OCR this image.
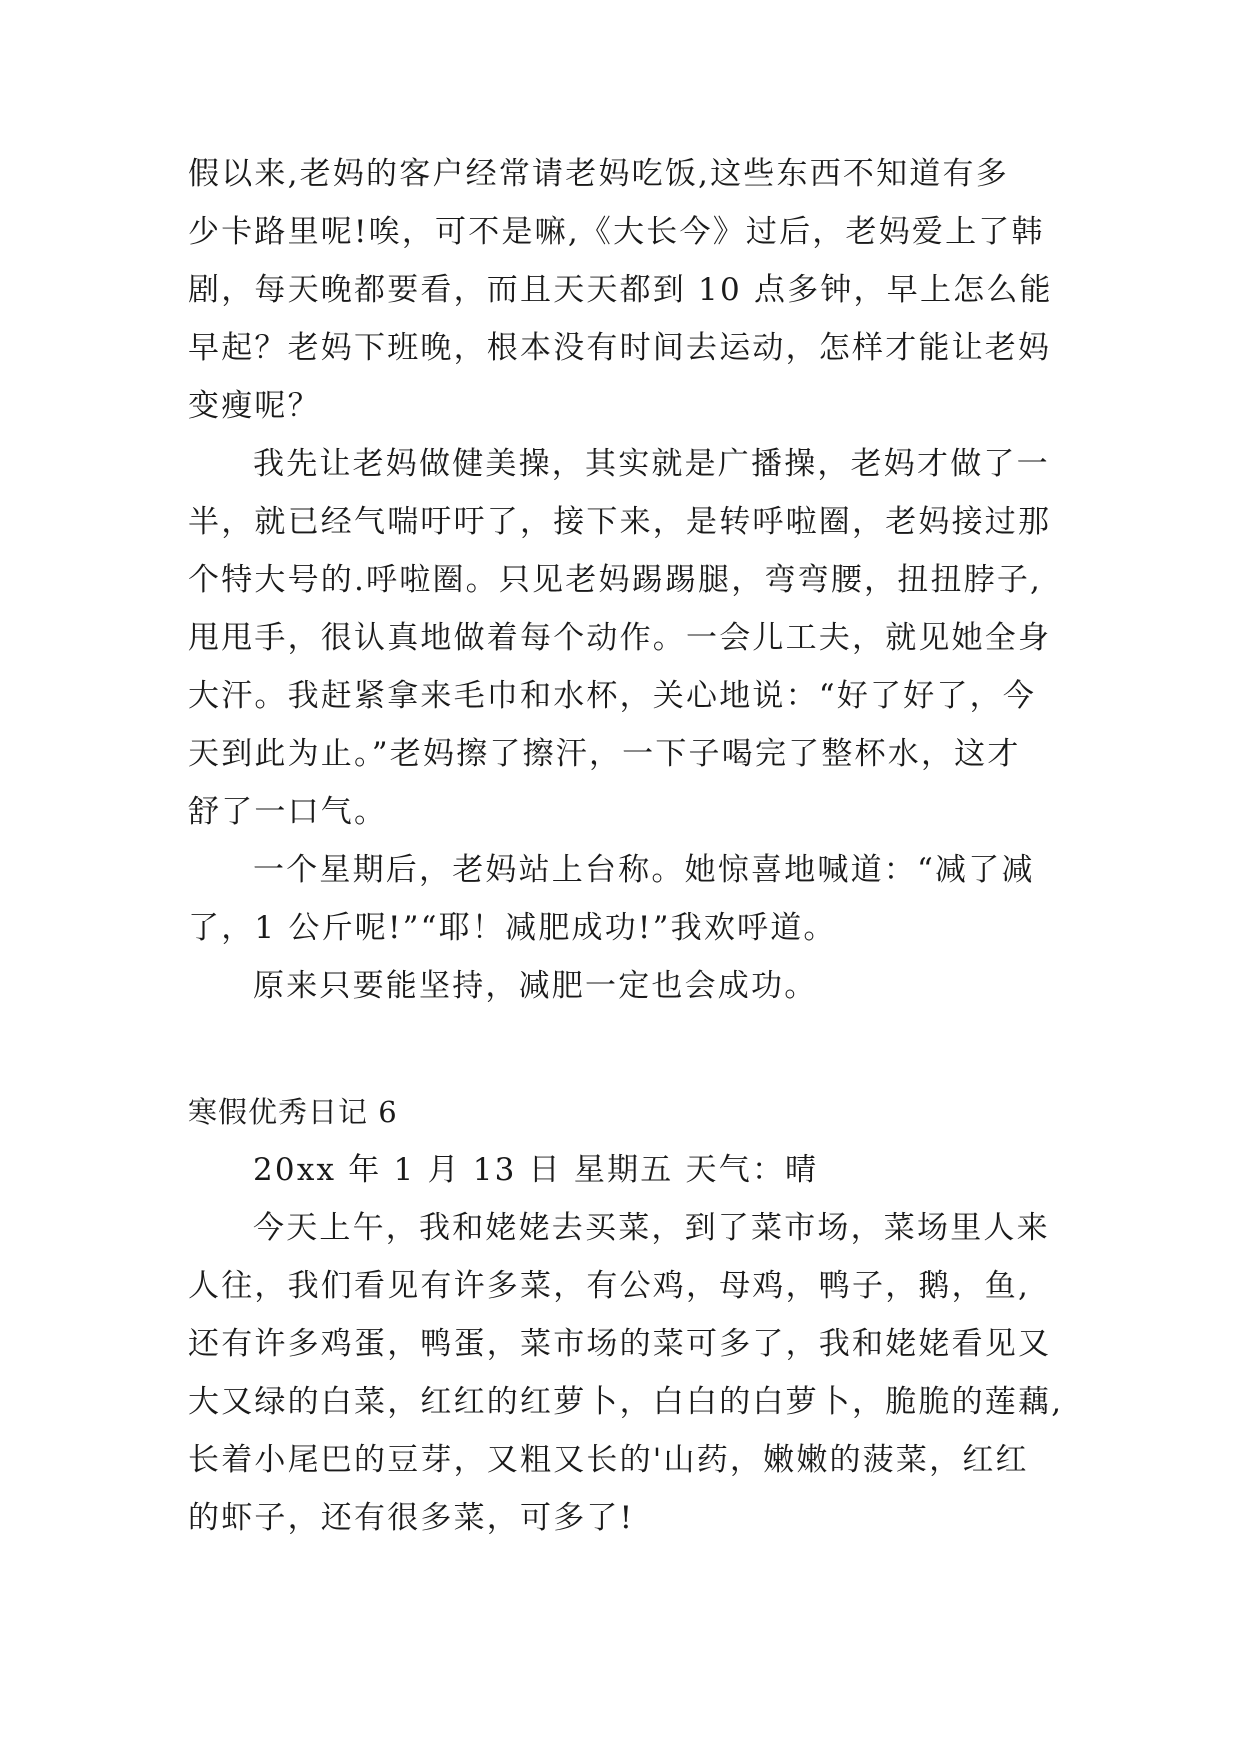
假以来,老妈的客户经常请老妈吃饭,这些东西不知道有多
少卡路里呢!唉，可不是嘛,《大长今》过后，老妈爱上了韩
剧，每天晚都要看，而且天天都到 10 点多钟，早上怎么能
早起？老妈下班晚，根本没有时间去运动，怎样才能让老妈
变瘦呢？
我先让老妈做健美操，其实就是广播操，老妈才做了一
半，就已经气喘吁吁了，接下来，是转呼啦圈，老妈接过那
个特大号的.呼啦圈。只见老妈踢踢腿，弯弯腰，扭扭脖子,
甩甩手，很认真地做着每个动作。一会儿工夫，就见她全身
大汗。我赶紧拿来毛巾和水杯，关心地说：“好了好了，今
天到此为止。”老妈擦了擦汗，一下子喝完了整杯水，这才
舒了一口气。
一个星期后，老妈站上台称。她惊喜地喊道：“减了减
了，1 公斤呢!”“耶！减肥成功!”我欢呼道。
原来只要能坚持，减肥一定也会成功。
寒假优秀日记 6
20xx 年 1 月 13 日 星期五 天气：晴
今天上午，我和姥姥去买菜，到了菜市场，菜场里人来
人往，我们看见有许多菜，有公鸡，母鸡，鸭子，鹅，鱼,
还有许多鸡蛋，鸭蛋，菜市场的菜可多了，我和姥姥看见又
大又绿的白菜，红红的红萝卜，白白的白萝卜，脆脆的莲藕,
长着小尾巴的豆芽，又粗又长的'山药，嫩嫩的菠菜，红红
的虾子，还有很多菜，可多了!
